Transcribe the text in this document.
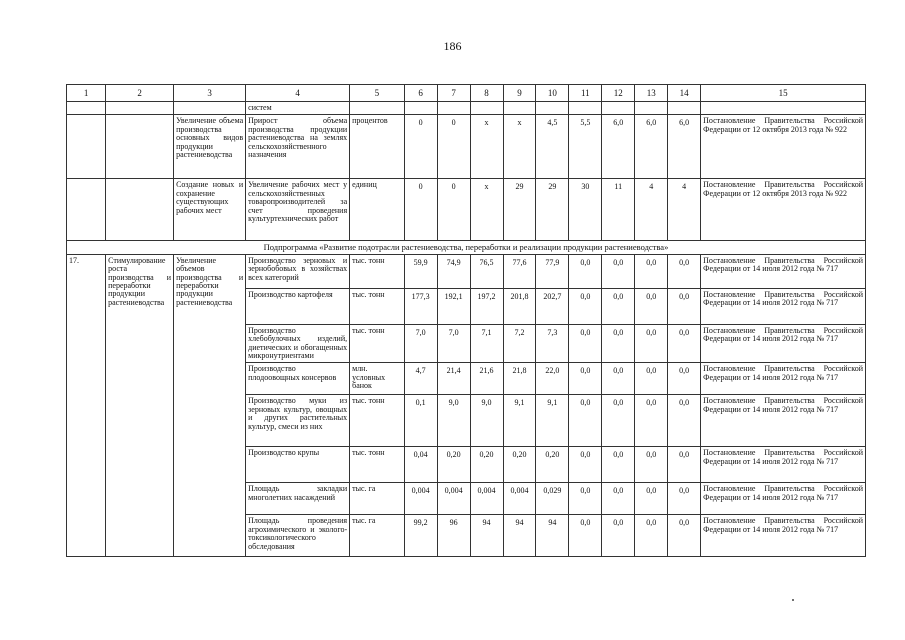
186
1	2	3	4	5	6	7	8	9	10	11	12	13	14	15
			систем											
		Увеличение объема производства основных видов продукции растениеводства	Прирост объема производства продукции растениеводства на землях сельскохозяйственного назначения	процентов	0	0	х	х	4,5	5,5	6,0	6,0	6,0	Постановление Правительства Российской Федерации от 12 октября 2013 года № 922
		Создание новых и сохранение существующих рабочих мест	Увеличение рабочих мест у сельскохозяйственных товаропроизводителей за счет проведения культуртехнических работ	единиц	0	0	х	29	29	30	11	4	4	Постановление Правительства Российской Федерации от 12 октября 2013 года № 922
Подпрограмма «Развитие подотрасли растениеводства, переработки и реализации продукции растениеводства»														
17.	Стимулирование роста производства и переработки продукции растениеводства	Увеличение объемов производства и переработки продукции растениеводства	Производство зерновых и зернобобовых в хозяйствах всех категорий	тыс. тонн	59,9	74,9	76,5	77,6	77,9	0,0	0,0	0,0	0,0	Постановление Правительства Российской Федерации от 14 июля 2012 года № 717
			Производство картофеля	тыс. тонн	177,3	192,1	197,2	201,8	202,7	0,0	0,0	0,0	0,0	Постановление Правительства Российской Федерации от 14 июля 2012 года № 717
			Производство хлебобулочных изделий, диетических и обогащенных микронутриентами	тыс. тонн	7,0	7,0	7,1	7,2	7,3	0,0	0,0	0,0	0,0	Постановление Правительства Российской Федерации от 14 июля 2012 года № 717
			Производство плодоовощных консервов	млн. условных банок	4,7	21,4	21,6	21,8	22,0	0,0	0,0	0,0	0,0	Постановление Правительства Российской Федерации от 14 июля 2012 года № 717
			Производство муки из зерновых культур, овощных и других растительных культур, смеси из них	тыс. тонн	0,1	9,0	9,0	9,1	9,1	0,0	0,0	0,0	0,0	Постановление Правительства Российской Федерации от 14 июля 2012 года № 717
			Производство крупы	тыс. тонн	0,04	0,20	0,20	0,20	0,20	0,0	0,0	0,0	0,0	Постановление Правительства Российской Федерации от 14 июля 2012 года № 717
			Площадь закладки многолетних насаждений	тыс. га	0,004	0,004	0,004	0,004	0,029	0,0	0,0	0,0	0,0	Постановление Правительства Российской Федерации от 14 июля 2012 года № 717
			Площадь проведения агрохимического и эколого-токсикологического обследования	тыс. га	99,2	96	94	94	94	0,0	0,0	0,0	0,0	Постановление Правительства Российской Федерации от 14 июля 2012 года № 717
